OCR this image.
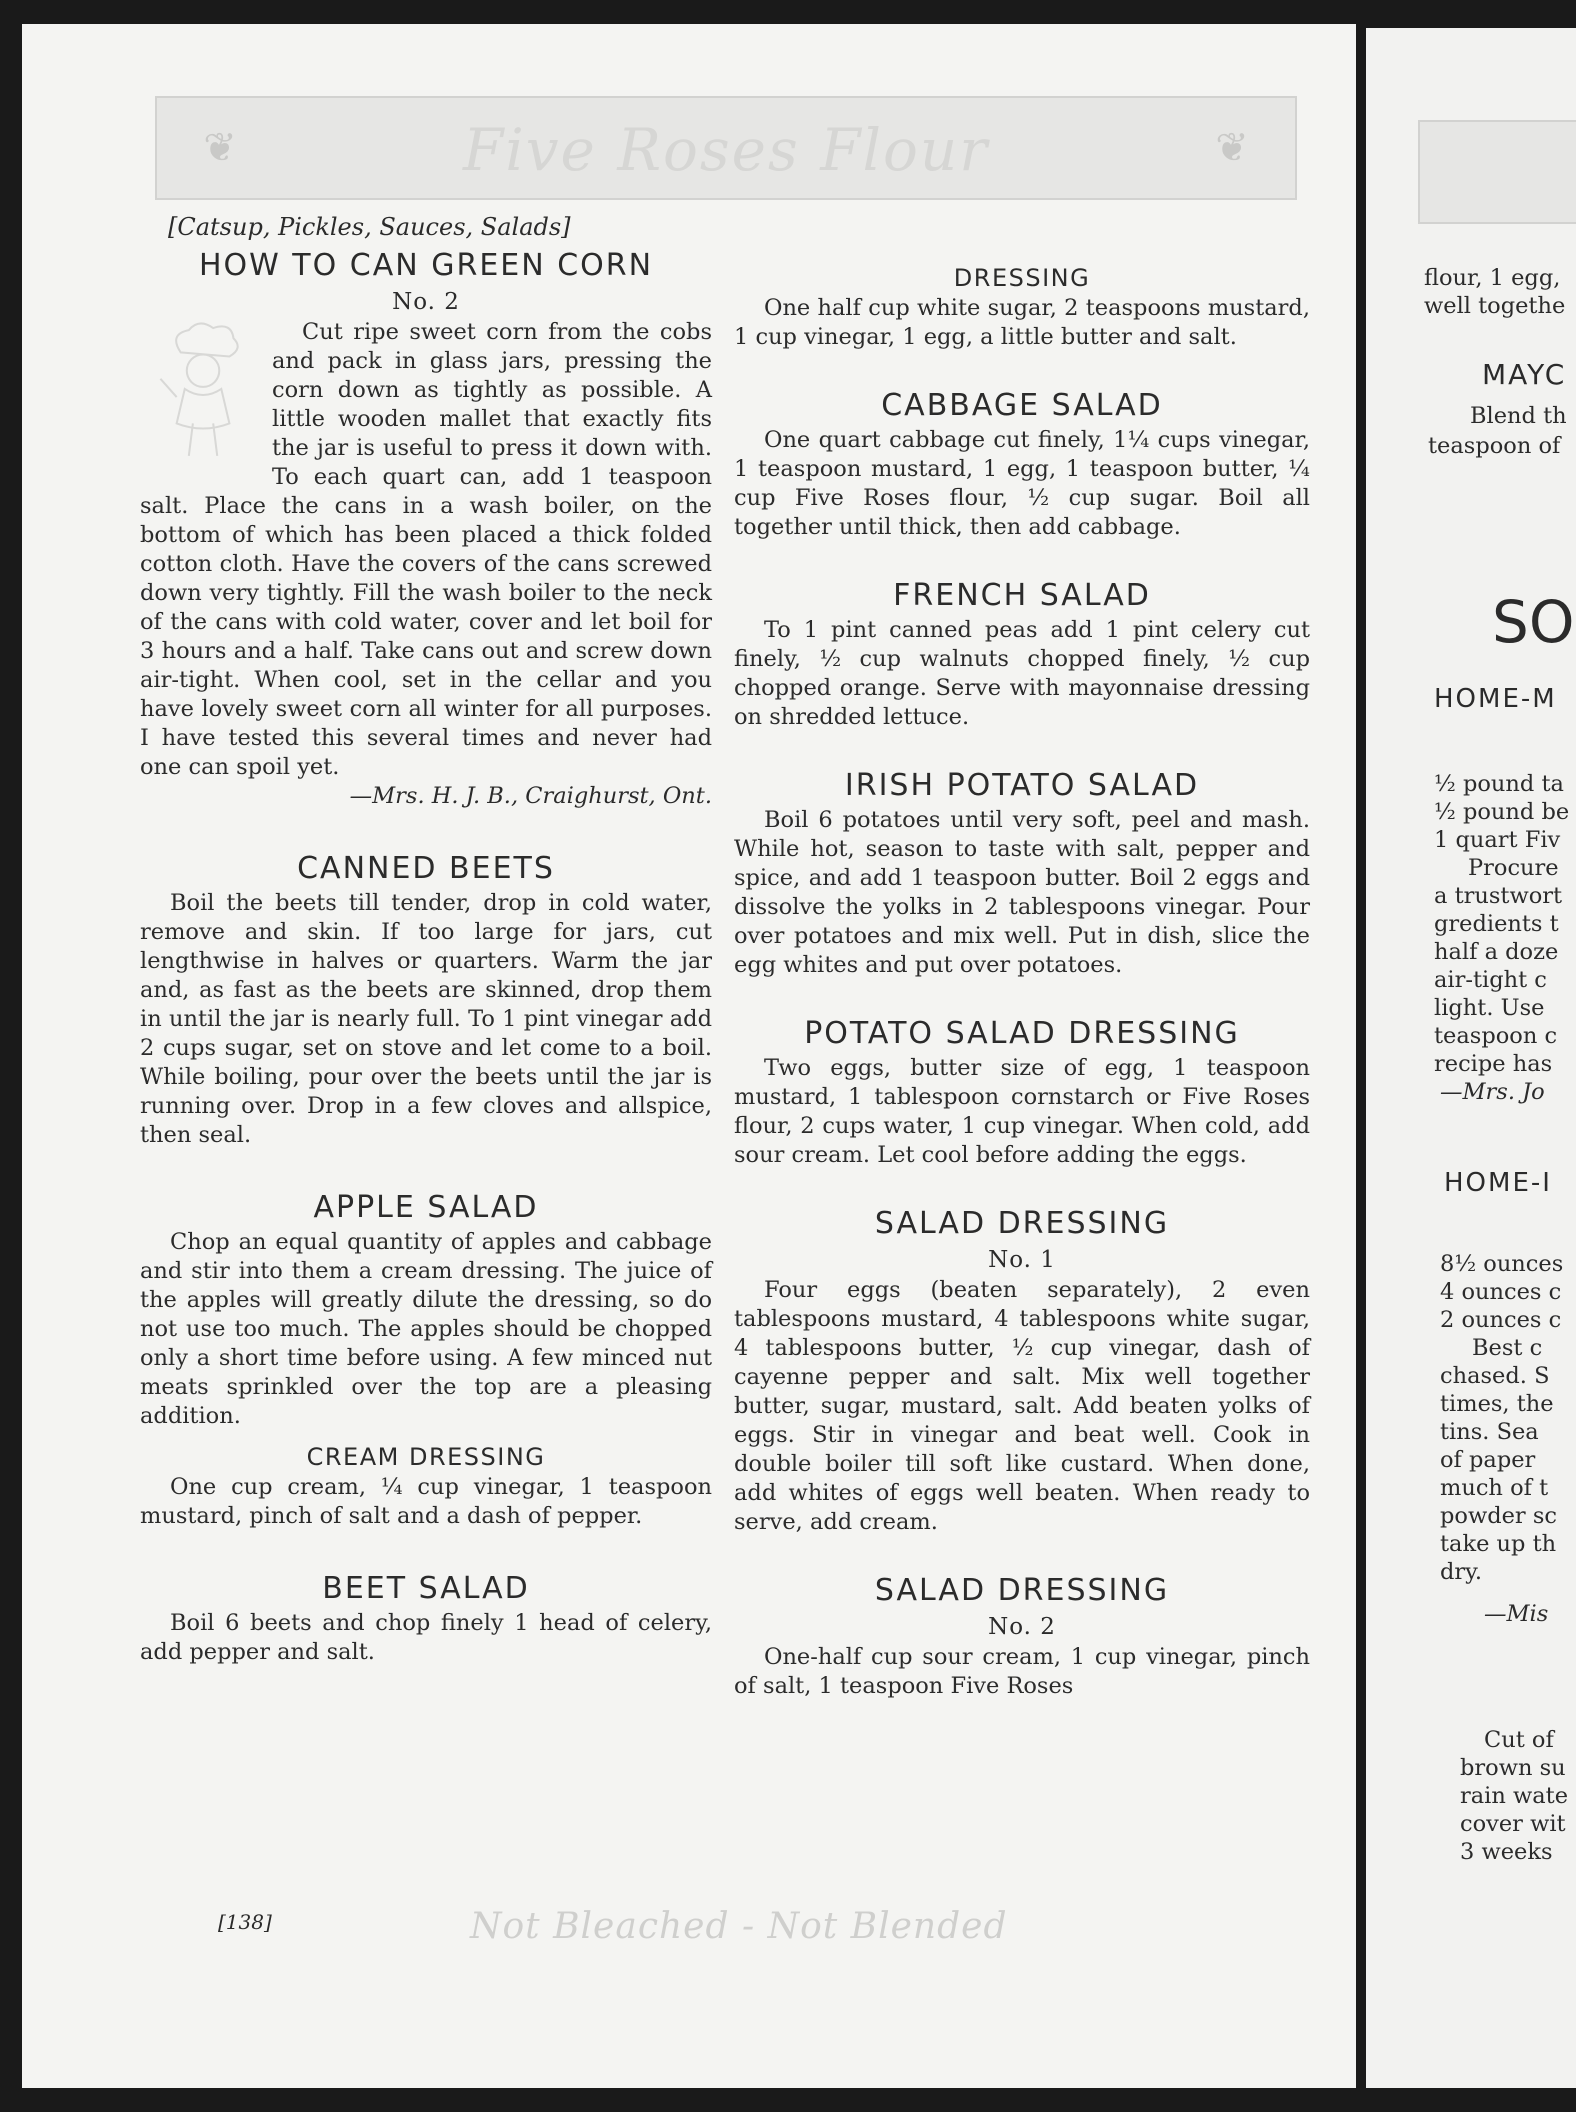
❦	Five Roses Flour	❦
[Catsup, Pickles, Sauces, Salads]
HOW TO CAN GREEN CORN
No. 2

Cut ripe sweet corn from the cobs and pack in glass jars, pressing the corn down as tightly as possible. A little wooden mallet that exactly fits the jar is useful to press it down with. To each quart can, add 1 teaspoon salt. Place the cans in a wash boiler, on the bottom of which has been placed a thick folded cotton cloth. Have the covers of the cans screwed down very tightly. Fill the wash boiler to the neck of the cans with cold water, cover and let boil for 3 hours and a half. Take cans out and screw down air-tight. When cool, set in the cellar and you have lovely sweet corn all winter for all purposes. I have tested this several times and never had one can spoil yet.

—Mrs. H. J. B., Craighurst, Ont.
CANNED BEETS

Boil the beets till tender, drop in cold water, remove and skin. If too large for jars, cut lengthwise in halves or quarters. Warm the jar and, as fast as the beets are skinned, drop them in until the jar is nearly full. To 1 pint vinegar add 2 cups sugar, set on stove and let come to a boil. While boiling, pour over the beets until the jar is running over. Drop in a few cloves and allspice, then seal.

APPLE SALAD

Chop an equal quantity of apples and cabbage and stir into them a cream dressing. The juice of the apples will greatly dilute the dressing, so do not use too much. The apples should be chopped only a short time before using. A few minced nut meats sprinkled over the top are a pleasing addition.

CREAM DRESSING

One cup cream, ¼ cup vinegar, 1 teaspoon mustard, pinch of salt and a dash of pepper.

BEET SALAD

Boil 6 beets and chop finely 1 head of celery, add pepper and salt.

DRESSING

One half cup white sugar, 2 teaspoons mustard, 1 cup vinegar, 1 egg, a little butter and salt.

CABBAGE SALAD

One quart cabbage cut finely, 1¼ cups vinegar, 1 teaspoon mustard, 1 egg, 1 teaspoon butter, ¼ cup Five Roses flour, ½ cup sugar. Boil all together until thick, then add cabbage.

FRENCH SALAD

To 1 pint canned peas add 1 pint celery cut finely, ½ cup walnuts chopped finely, ½ cup chopped orange. Serve with mayonnaise dressing on shredded lettuce.

IRISH POTATO SALAD

Boil 6 potatoes until very soft, peel and mash. While hot, season to taste with salt, pepper and spice, and add 1 teaspoon butter. Boil 2 eggs and dissolve the yolks in 2 tablespoons vinegar. Pour over potatoes and mix well. Put in dish, slice the egg whites and put over potatoes.

POTATO SALAD DRESSING

Two eggs, butter size of egg, 1 teaspoon mustard, 1 tablespoon cornstarch or Five Roses flour, 2 cups water, 1 cup vinegar. When cold, add sour cream. Let cool before adding the eggs.

SALAD DRESSING
No. 1

Four eggs (beaten separately), 2 even tablespoons mustard, 4 tablespoons white sugar, 4 tablespoons butter, ½ cup vinegar, dash of cayenne pepper and salt. Mix well together butter, sugar, mustard, salt. Add beaten yolks of eggs. Stir in vinegar and beat well. Cook in double boiler till soft like custard. When done, add whites of eggs well beaten. When ready to serve, add cream.

SALAD DRESSING
No. 2

One-half cup sour cream, 1 cup vinegar, pinch of salt, 1 teaspoon Five Roses

[138]	Not Bleached - Not Blended
flour, 1 egg,
well togethe
MAYC
Blend th
teaspoon of
SO
HOME-M
½ pound ta
½ pound be
1 quart Fiv
Procure
a trustwort
gredients t
half a doze
air-tight c
light. Use
teaspoon c
recipe has
—Mrs. Jo
HOME-I
8½ ounces
4 ounces c
2 ounces c
Best c
chased. S
times, the
tins. Sea
of paper
much of t
powder sc
take up th
dry.
—Mis
Cut of
brown su
rain wate
cover wit
3 weeks
